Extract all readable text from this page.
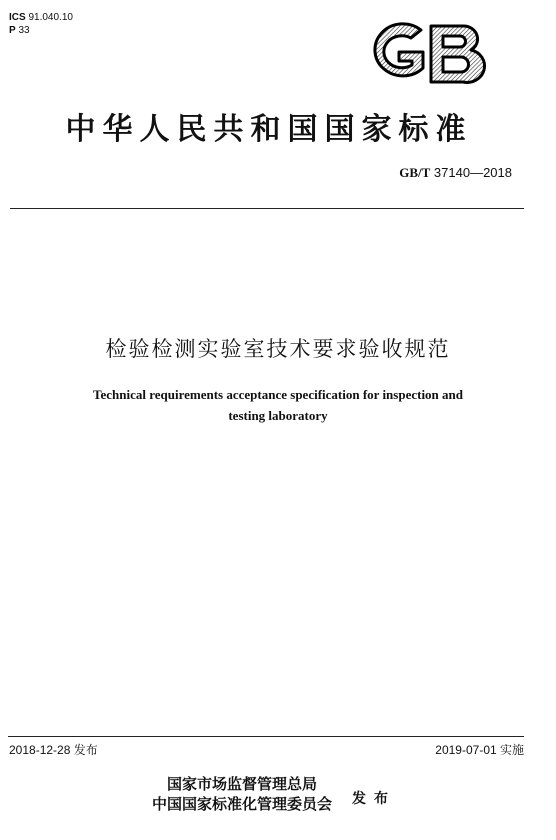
ICS 91.040.10
P 33
中华人民共和国国家标准
GB/T 37140—2018
检验检测实验室技术要求验收规范
Technical requirements acceptance specification for inspection and
testing laboratory
2018-12-28 发布	2019-07-01 实施
国家市场监督管理总局
中国国家标准化管理委员会	发布
